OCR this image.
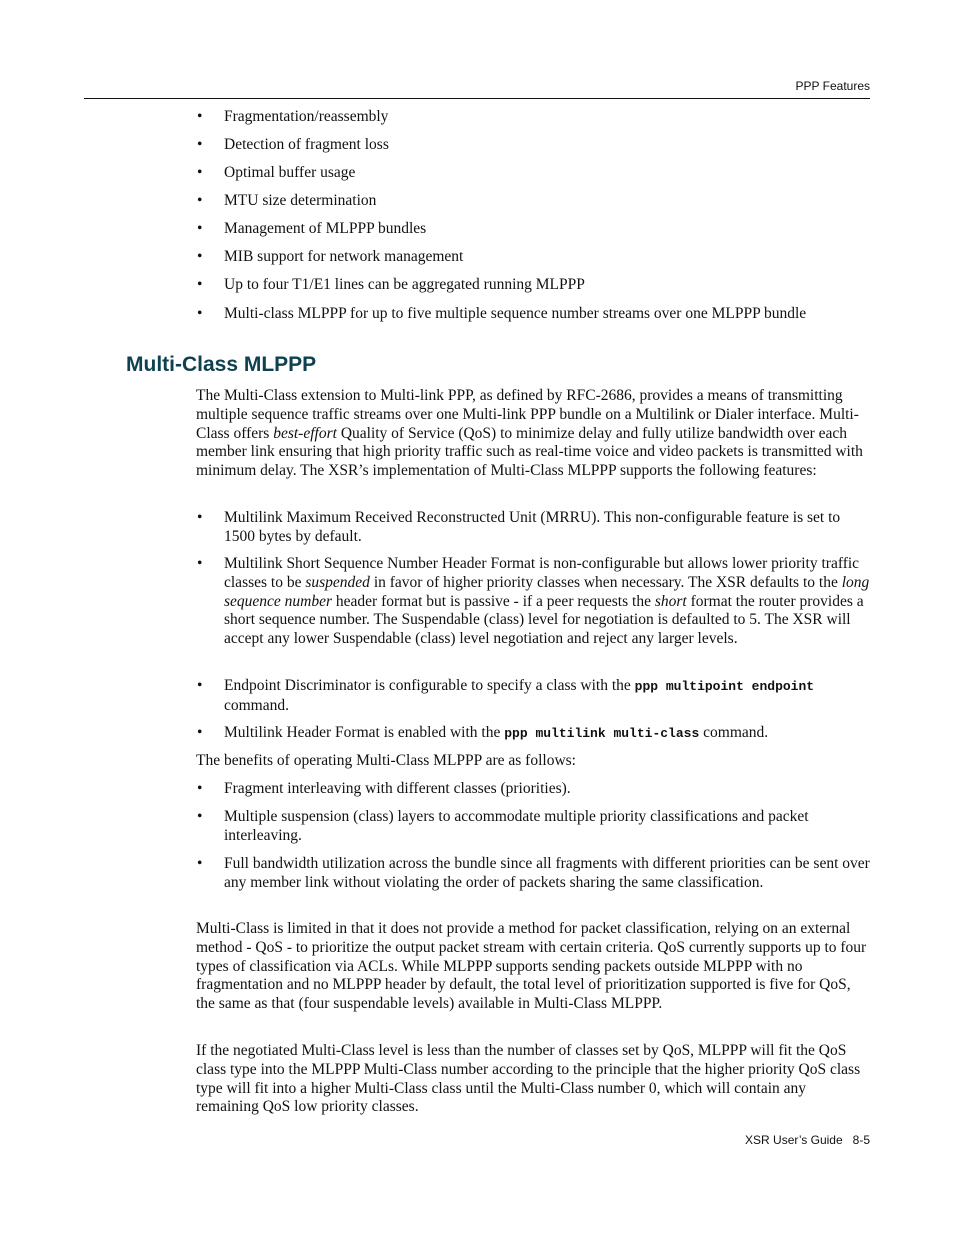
PPP Features
• Fragmentation/reassembly
• Detection of fragment loss
• Optimal buffer usage
• MTU size determination
• Management of MLPPP bundles
• MIB support for network management
• Up to four T1/E1 lines can be aggregated running MLPPP
• Multi-class MLPPP for up to five multiple sequence number streams over one MLPPP bundle
Multi-Class MLPPP
The Multi-Class extension to Multi-link PPP, as defined by RFC-2686, provides a means of transmitting multiple sequence traffic streams over one Multi-link PPP bundle on a Multilink or Dialer interface. Multi-Class offers best-effort Quality of Service (QoS) to minimize delay and fully utilize bandwidth over each member link ensuring that high priority traffic such as real-time voice and video packets is transmitted with minimum delay. The XSR’s implementation of Multi-Class MLPPP supports the following features:
• Multilink Maximum Received Reconstructed Unit (MRRU). This non-configurable feature is set to 1500 bytes by default.
• Multilink Short Sequence Number Header Format is non-configurable but allows lower priority traffic classes to be suspended in favor of higher priority classes when necessary. The XSR defaults to the long sequence number header format but is passive - if a peer requests the short format the router provides a short sequence number. The Suspendable (class) level for negotiation is defaulted to 5. The XSR will accept any lower Suspendable (class) level negotiation and reject any larger levels.
• Endpoint Discriminator is configurable to specify a class with the ppp multipoint endpoint command.
• Multilink Header Format is enabled with the ppp multilink multi-class command.
The benefits of operating Multi-Class MLPPP are as follows:
• Fragment interleaving with different classes (priorities).
• Multiple suspension (class) layers to accommodate multiple priority classifications and packet interleaving.
• Full bandwidth utilization across the bundle since all fragments with different priorities can be sent over any member link without violating the order of packets sharing the same classification.
Multi-Class is limited in that it does not provide a method for packet classification, relying on an external method - QoS - to prioritize the output packet stream with certain criteria. QoS currently supports up to four types of classification via ACLs. While MLPPP supports sending packets outside MLPPP with no fragmentation and no MLPPP header by default, the total level of prioritization supported is five for QoS, the same as that (four suspendable levels) available in Multi-Class MLPPP.
If the negotiated Multi-Class level is less than the number of classes set by QoS, MLPPP will fit the QoS class type into the MLPPP Multi-Class number according to the principle that the higher priority QoS class type will fit into a higher Multi-Class class until the Multi-Class number 0, which will contain any remaining QoS low priority classes.
XSR User’s Guide 8-5
